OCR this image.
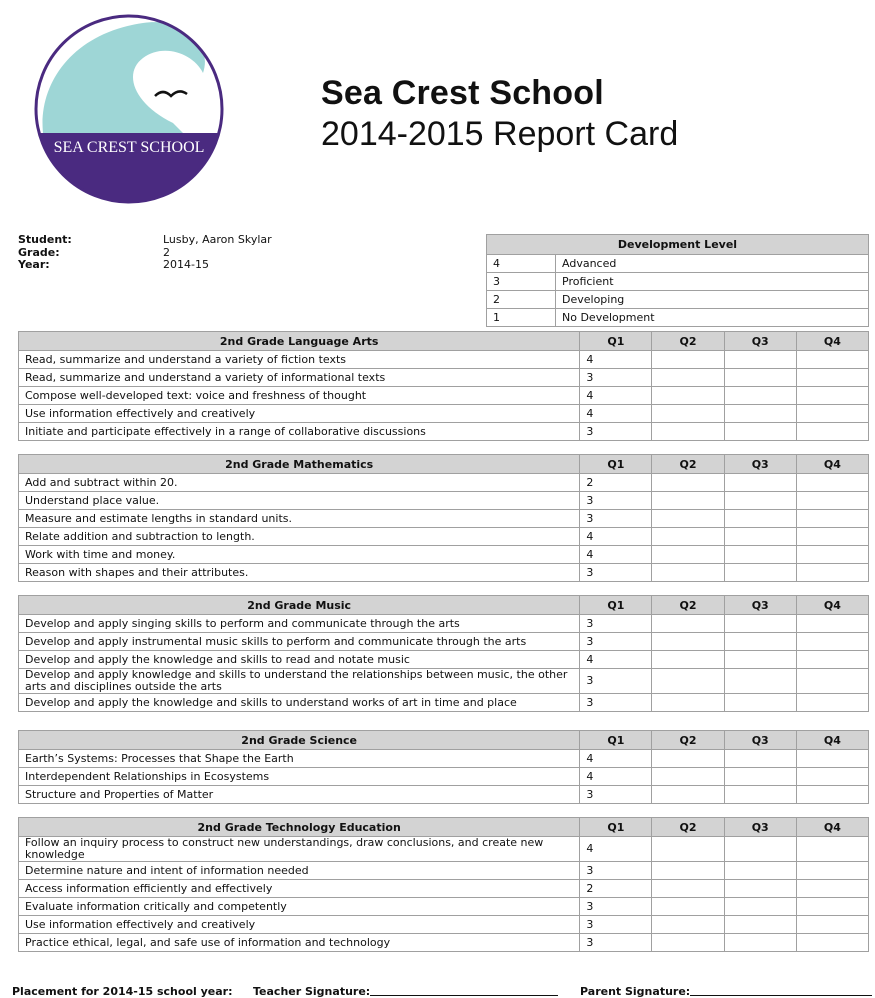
SEA CREST SCHOOL
Sea Crest School
2014-2015 Report Card
Student:	Lusby, Aaron Skylar
Grade:	2
Year:	2014-15
Development Level	
4	Advanced
3	Proficient
2	Developing
1	No Development
2nd Grade Language Arts	Q1	Q2	Q3	Q4
Read, summarize and understand a variety of fiction texts	4			
Read, summarize and understand a variety of informational texts	3			
Compose well-developed text: voice and freshness of thought	4			
Use information effectively and creatively	4			
Initiate and participate effectively in a range of collaborative discussions	3			
2nd Grade Mathematics	Q1	Q2	Q3	Q4
Add and subtract within 20.	2			
Understand place value.	3			
Measure and estimate lengths in standard units.	3			
Relate addition and subtraction to length.	4			
Work with time and money.	4			
Reason with shapes and their attributes.	3			
2nd Grade Music	Q1	Q2	Q3	Q4
Develop and apply singing skills to perform and communicate through the arts	3			
Develop and apply instrumental music skills to perform and communicate through the arts	3			
Develop and apply the knowledge and skills to read and notate music	4			
Develop and apply knowledge and skills to understand the relationships between music, the other arts and disciplines outside the arts	3			
Develop and apply the knowledge and skills to understand works of art in time and place	3			
2nd Grade Science	Q1	Q2	Q3	Q4
Earth’s Systems: Processes that Shape the Earth	4			
Interdependent Relationships in Ecosystems	4			
Structure and Properties of Matter	3			
2nd Grade Technology Education	Q1	Q2	Q3	Q4
Follow an inquiry process to construct new understandings, draw conclusions, and create new knowledge	4			
Determine nature and intent of information needed	3			
Access information efficiently and effectively	2			
Evaluate information critically and competently	3			
Use information effectively and creatively	3			
Practice ethical, legal, and safe use of information and technology	3			
Placement for 2014-15 school year: Teacher Signature:	Parent Signature:
